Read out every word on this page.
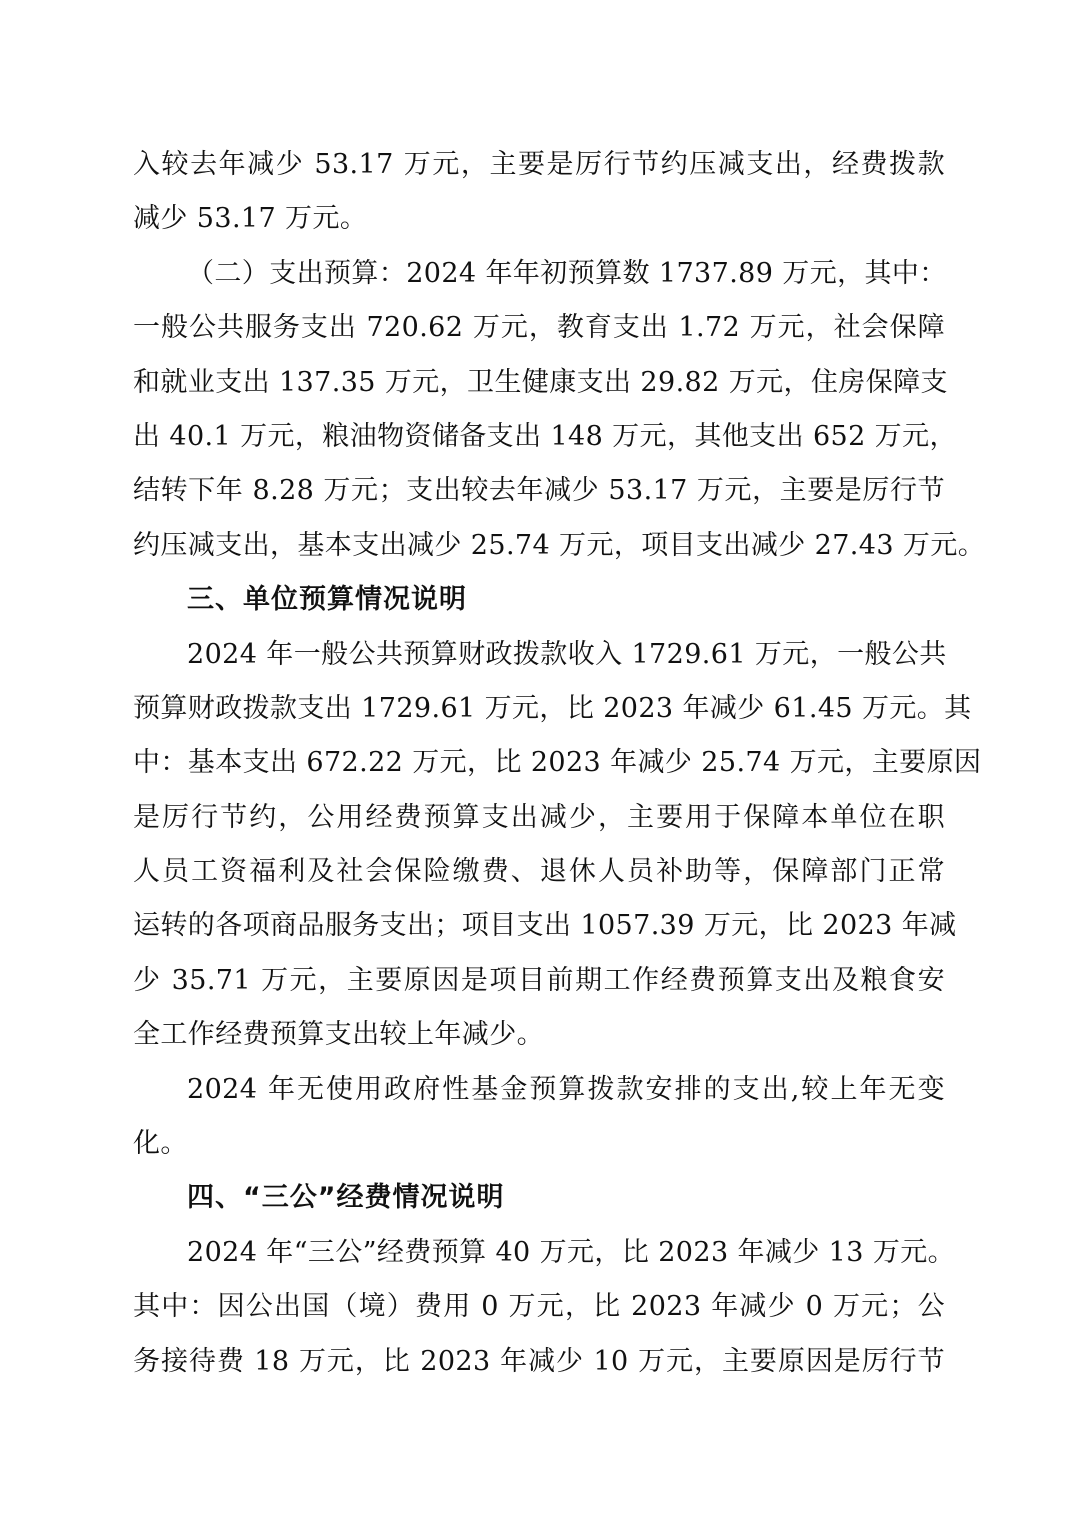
入较去年减少 53.17 万元，主要是厉行节约压减支出，经费拨款
减少 53.17 万元。
（二）支出预算：2024 年年初预算数 1737.89 万元，其中：
一般公共服务支出 720.62 万元，教育支出 1.72 万元，社会保障
和就业支出 137.35 万元，卫生健康支出 29.82 万元，住房保障支
出 40.1 万元，粮油物资储备支出 148 万元，其他支出 652 万元，
结转下年 8.28 万元；支出较去年减少 53.17 万元，主要是厉行节
约压减支出，基本支出减少 25.74 万元，项目支出减少 27.43 万元。
三、单位预算情况说明
2024 年一般公共预算财政拨款收入 1729.61 万元，一般公共
预算财政拨款支出 1729.61 万元，比 2023 年减少 61.45 万元。其
中：基本支出 672.22 万元，比 2023 年减少 25.74 万元，主要原因
是厉行节约，公用经费预算支出减少，主要用于保障本单位在职
人员工资福利及社会保险缴费、退休人员补助等，保障部门正常
运转的各项商品服务支出；项目支出 1057.39 万元，比 2023 年减
少 35.71 万元，主要原因是项目前期工作经费预算支出及粮食安
全工作经费预算支出较上年减少。
2024 年无使用政府性基金预算拨款安排的支出,较上年无变
化。
四、“三公”经费情况说明
2024 年“三公”经费预算 40 万元，比 2023 年减少 13 万元。
其中：因公出国（境）费用 0 万元，比 2023 年减少 0 万元；公
务接待费 18 万元，比 2023 年减少 10 万元，主要原因是厉行节
